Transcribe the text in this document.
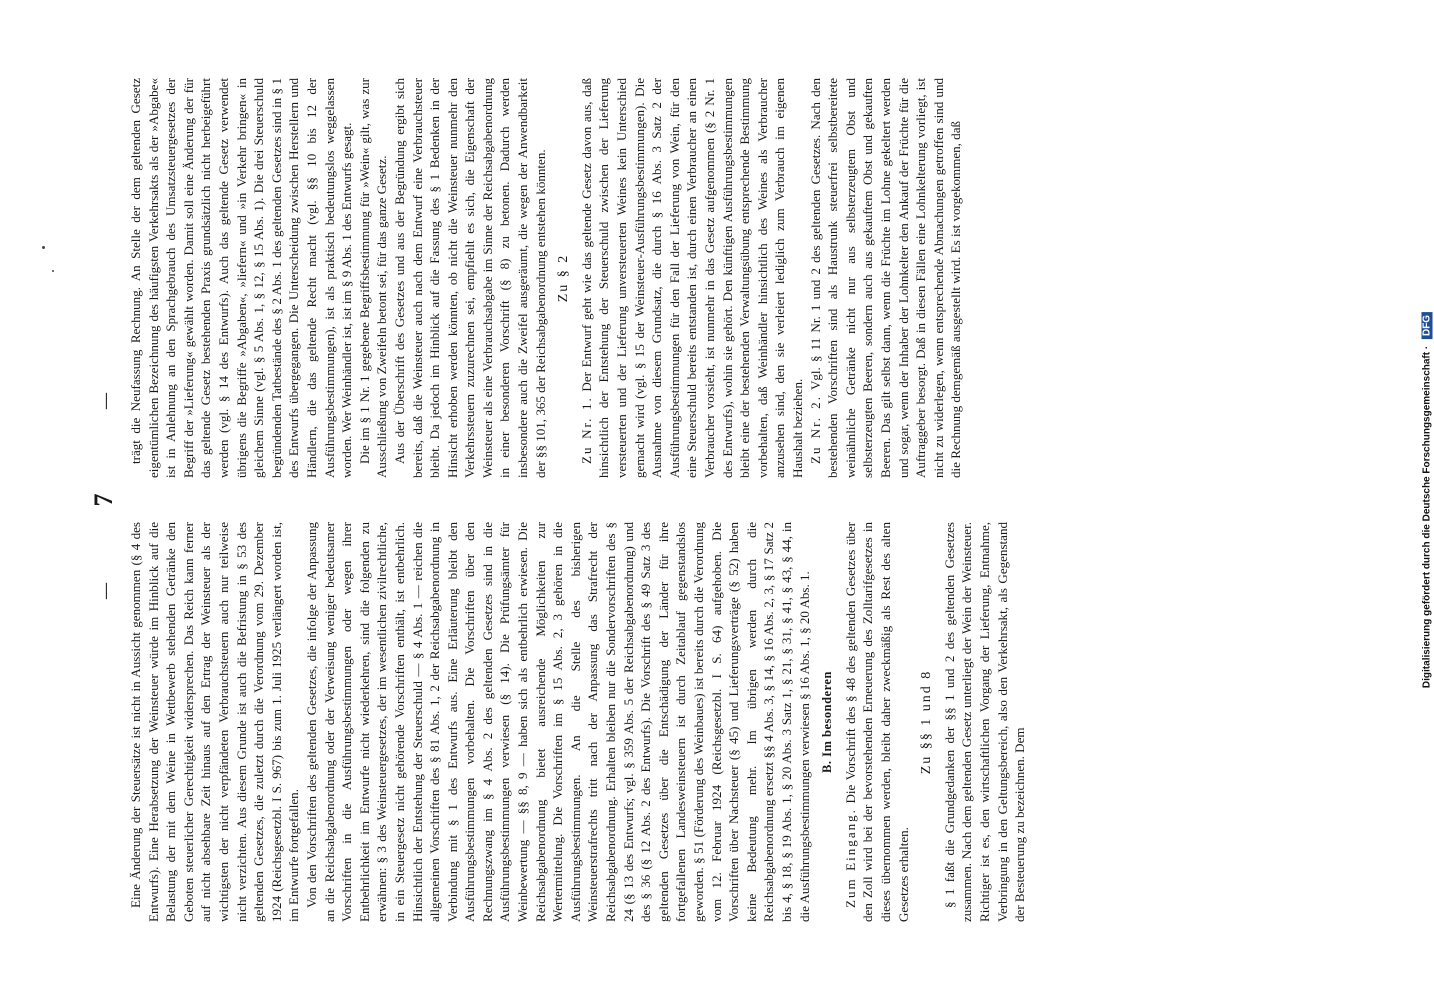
—
7
—

Eine Änderung der Steuersätze ist nicht in Aussicht genommen (§ 4 des Entwurfs). Eine Herabsetzung der Weinsteuer würde im Hinblick auf die Belastung der mit dem Weine in Wettbewerb stehenden Getränke den Geboten steuerlicher Gerechtigkeit widersprechen. Das Reich kann ferner auf nicht absehbare Zeit hinaus auf den Ertrag der Weinsteuer als der wichtigsten der nicht verpfändeten Verbrauchsteuern auch nur teilweise nicht verzichten. Aus diesem Grunde ist auch die Befristung in § 53 des geltenden Gesetzes, die zuletzt durch die Verordnung vom 29. Dezember 1924 (Reichsgesetzbl. I S. 967) bis zum 1. Juli 1925 verlängert worden ist, im Entwurfe fortgefallen. Von den Vorschriften des geltenden Gesetzes, die infolge der Anpassung an die Reichsabgabenordnung oder der Verweisung weniger bedeutsamer Vorschriften in die Ausführungsbestimmungen oder wegen ihrer Entbehrlichkeit im Entwurfe nicht wiederkehren, sind die folgenden zu erwähnen: § 3 des Weinsteuergesetzes, der im wesentlichen zivilrechtliche, in ein Steuergesetz nicht gehörende Vorschriften enthält, ist entbehrlich. Hinsichtlich der Entstehung der Steuerschuld — § 4 Abs. 1 — reichen die allgemeinen Vorschriften des § 81 Abs. 1, 2 der Reichsabgabenordnung in Verbindung mit § 1 des Entwurfs aus. Eine Erläuterung bleibt den Ausführungsbestimmungen vorbehalten. Die Vorschriften über den Rechnungszwang im § 4 Abs. 2 des geltenden Gesetzes sind in die Ausführungsbestimmungen verwiesen (§ 14). Die Prüfungsämter für Weinbewertung — §§ 8, 9 — haben sich als entbehrlich erwiesen. Die Reichsabgabenordnung bietet ausreichende Möglichkeiten zur Wertermittelung. Die Vorschriften im § 15 Abs. 2, 3 gehören in die Ausführungsbestimmungen. An die Stelle des bisherigen Weinsteuerstrafrechts tritt nach der Anpassung das Strafrecht der Reichsabgabenordnung. Erhalten bleiben nur die Sondervorschriften des § 24 (§ 13 des Entwurfs; vgl. § 359 Abs. 5 der Reichsabgabenordnung) und des § 36 (§ 12 Abs. 2 des Entwurfs). Die Vorschrift des § 49 Satz 3 des geltenden Gesetzes über die Entschädigung der Länder für ihre fortgefallenen Landesweinsteuern ist durch Zeitablauf gegenstandslos geworden. § 51 (Förderung des Weinbaues) ist bereits durch die Verordnung vom 12. Februar 1924 (Reichsgesetzbl. I S. 64) aufgehoben. Die Vorschriften über Nachsteuer (§ 45) und Lieferungsverträge (§ 52) haben keine Bedeutung mehr. Im übrigen werden durch die Reichsabgabenordnung ersetzt §§ 4 Abs. 3, § 14, § 16 Abs. 2, 3, § 17 Satz 2 bis 4, § 18, § 19 Abs. 1, § 20 Abs. 3 Satz 1, § 21, § 31, § 41, § 43, § 44, in die Ausführungsbestimmungen verwiesen § 16 Abs. 1, § 20 Abs. 1. B. Im besonderen

Zum Eingang. Die Vorschrift des § 48 des geltenden Gesetzes über den Zoll wird bei der bevorstehenden Erneuerung des Zolltarifgesetzes in dieses übernommen werden, bleibt daher zweckmäßig als Rest des alten Gesetzes erhalten.

Zu §§ 1 und 8 § 1 faßt die Grundgedanken der §§ 1 und 2 des geltenden Gesetzes zusammen. Nach dem geltenden Gesetz unterliegt der Wein der Weinsteuer. Richtiger ist es, den wirtschaftlichen Vorgang der Lieferung, Entnahme, Verbringung in den Geltungsbereich, also den Verkehrsakt, als Gegenstand der Besteuerung zu bezeichnen. Dem

trägt die Neufassung Rechnung. An Stelle der dem geltenden Gesetz eigentümlichen Bezeichnung des häufigsten Verkehrsakts als der »Abgabe« ist in Anlehnung an den Sprachgebrauch des Umsatzsteuergesetzes der Begriff der »Lieferung« gewählt worden. Damit soll eine Änderung der für das geltende Gesetz bestehenden Praxis grundsätzlich nicht herbeigeführt werden (vgl. § 14 des Entwurfs). Auch das geltende Gesetz verwendet übrigens die Begriffe »Abgaben«, »liefern« und »in Verkehr bringen« in gleichem Sinne (vgl. § 5 Abs. 1, § 12, § 15 Abs. 1). Die drei Steuerschuld begründenden Tatbestände des § 2 Abs. 1 des geltenden Gesetzes sind in § 1 des Entwurfs übergegangen. Die Unterscheidung zwischen Herstellern und Händlern, die das geltende Recht macht (vgl. §§ 10 bis 12 der Ausführungsbestimmungen), ist als praktisch bedeutungslos weggelassen worden. Wer Weinhändler ist, ist im § 9 Abs. 1 des Entwurfs gesagt. Die im § 1 Nr. 1 gegebene Begriffsbestimmung für »Wein« gilt, was zur Ausschließung von Zweifeln betont sei, für das ganze Gesetz. Aus der Überschrift des Gesetzes und aus der Begründung ergibt sich bereits, daß die Weinsteuer auch nach dem Entwurf eine Verbrauchsteuer bleibt. Da jedoch im Hinblick auf die Fassung des § 1 Bedenken in der Hinsicht erhoben werden könnten, ob nicht die Weinsteuer nunmehr den Verkehrssteuern zuzurechnen sei, empfiehlt es sich, die Eigenschaft der Weinsteuer als eine Verbrauchsabgabe im Sinne der Reichsabgabenordnung in einer besonderen Vorschrift (§ 8) zu betonen. Dadurch werden insbesondere auch die Zweifel ausgeräumt, die wegen der Anwendbarkeit der §§ 101, 365 der Reichsabgabenordnung entstehen könnten. Zu § 2

Zu Nr. 1. Der Entwurf geht wie das geltende Gesetz davon aus, daß hinsichtlich der Entstehung der Steuerschuld zwischen der Lieferung versteuerten und der Lieferung unversteuerten Weines kein Unterschied gemacht wird (vgl. § 15 der Weinsteuer-Ausführungsbestimmungen). Die Ausnahme von diesem Grundsatz, die durch § 16 Abs. 3 Satz 2 der Ausführungsbestimmungen für den Fall der Lieferung von Wein, für den eine Steuerschuld bereits entstanden ist, durch einen Verbraucher an einen Verbraucher vorsieht, ist nunmehr in das Gesetz aufgenommen (§ 2 Nr. 1 des Entwurfs), wohin sie gehört. Den künftigen Ausführungsbestimmungen bleibt eine der bestehenden Verwaltungsübung entsprechende Bestimmung vorbehalten, daß Weinhändler hinsichtlich des Weines als Verbraucher anzusehen sind, den sie verleiert lediglich zum Verbrauch im eigenen Haushalt beziehen. Zu Nr. 2. Vgl. § 11 Nr. 1 und 2 des geltenden Gesetzes. Nach den bestehenden Vorschriften sind als Haustrunk steuerfrei selbstbereitete weinähnliche Getränke nicht nur aus selbsterzeugtem Obst und selbsterzeugten Beeren, sondern auch aus gekauftem Obst und gekauften Beeren. Das gilt selbst dann, wenn die Früchte im Lohne gekeltert werden und sogar, wenn der Inhaber der Lohnkelter den Ankauf der Früchte für die Auftraggeber besorgt. Daß in diesen Fällen eine Lohnkelterung vorliegt, ist nicht zu widerlegen, wenn entsprechende Abmachungen getroffen sind und die Rechnung demgemäß ausgestellt wird. Es ist vorgekommen, daß

Digitalisierung gefördert durch die Deutsche Forschungsgemeinschaft · DFG
